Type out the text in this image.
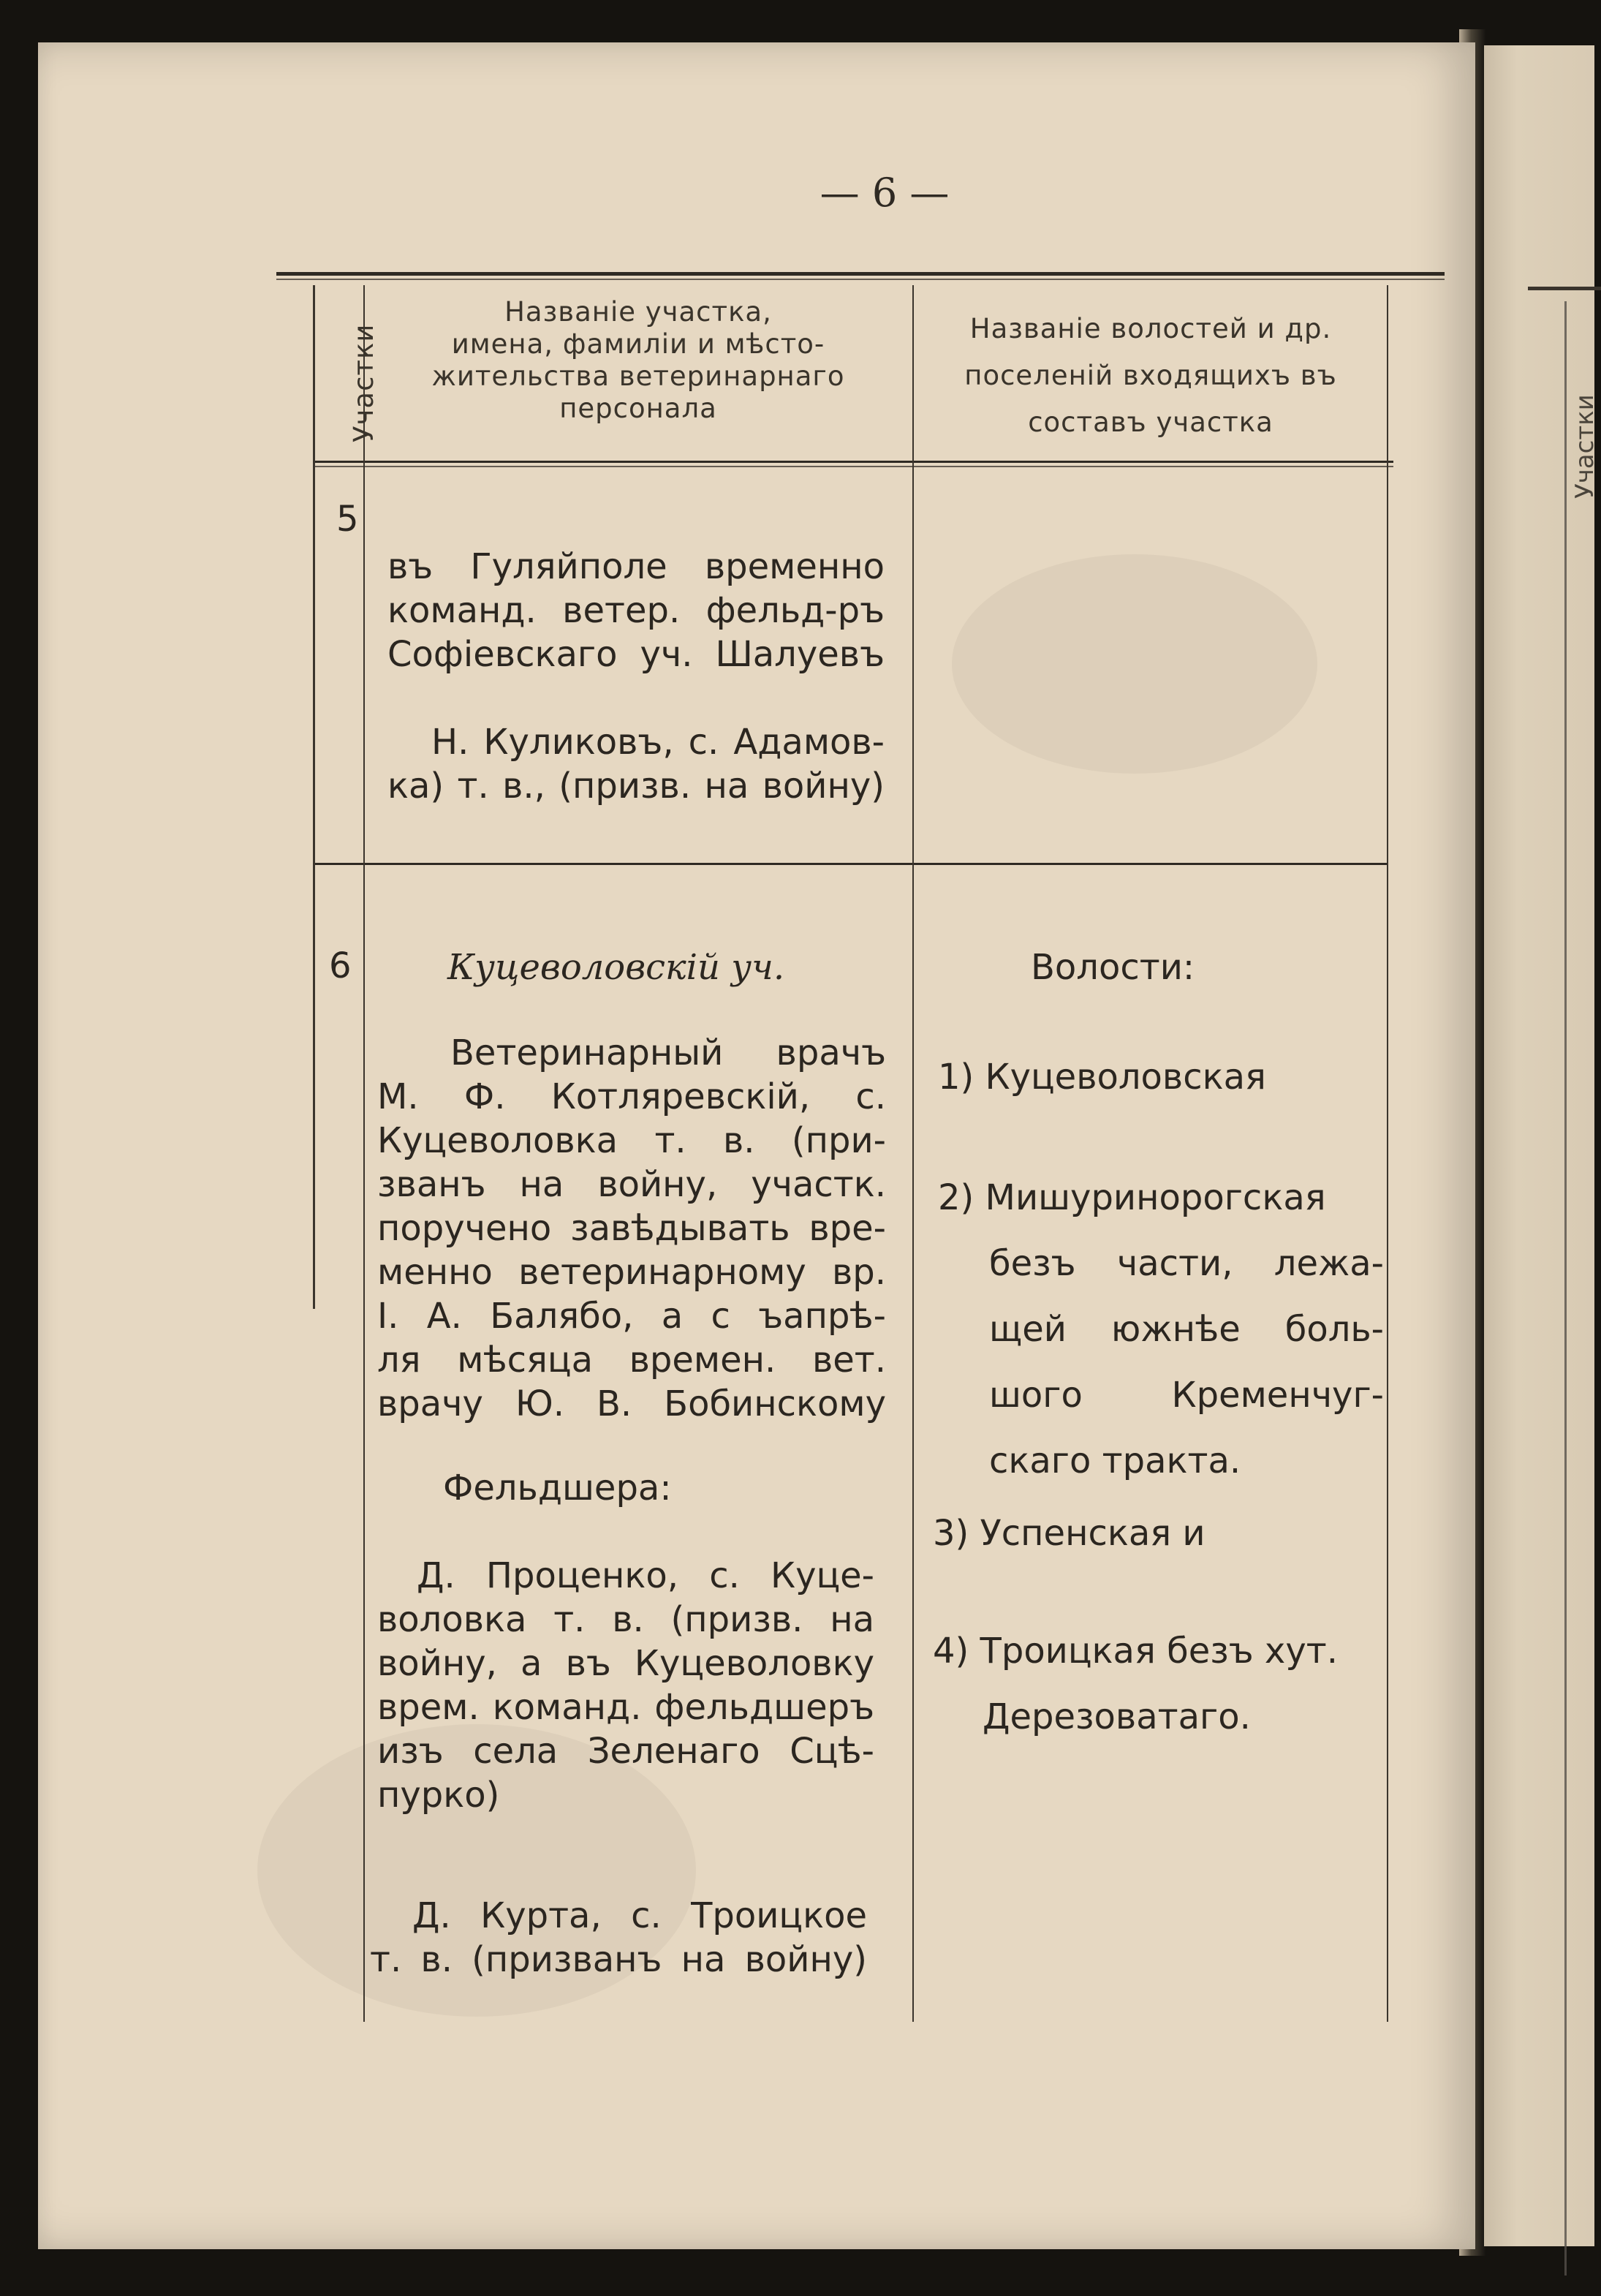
Участки
— 6 —
Участки
Названіе участка,
имена, фамиліи и мѣсто-
жительства ветеринарнаго
персонала
Названіе волостей и др.
поселеній входящихъ въ
составъ участка
5
въ Гуляйполе временно
команд. ветер. фельд-ръ
Софіевскаго уч. Шалуевъ
Н. Куликовъ, с. Адамов-
ка) т. в., (призв. на войну)
6	Куцеволовскій уч.
Ветеринарный врачъ
М. Ф. Котляревскій, с.
Куцеволовка т. в. (при-
званъ на войну, участк.
поручено завѣдывать вре-
менно ветеринарному вр.
І. А. Балябо, а с ъапрѣ-
ля мѣсяца времен. вет.
врачу Ю. В. Бобинскому
Фельдшера:
Д. Проценко, с. Куце-
воловка т. в. (призв. на
войну, а въ Куцеволовку
врем. команд. фельдшеръ
изъ села Зеленаго Сцѣ-
пурко)
Д. Курта, с. Троицкое
т. в. (призванъ на войну)
Волости:
1) Куцеволовская
2) Мишуринорогская
безъ части, лежа-
щей южнѣе боль-
шого Кременчуг-
скаго тракта.
3) Успенская и
4) Троицкая безъ хут.
Дерезоватаго.
